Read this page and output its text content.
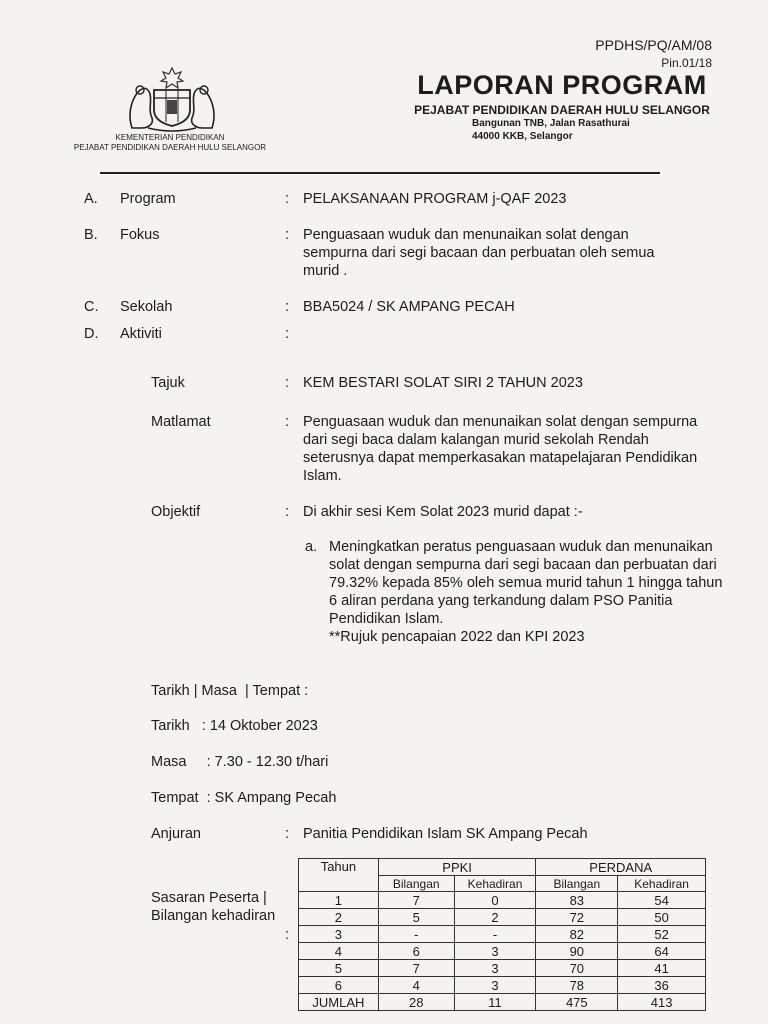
PPDHS/PQ/AM/08
Pin.01/18
KEMENTERIAN PENDIDIKAN
PEJABAT PENDIDIKAN DAERAH HULU SELANGOR
LAPORAN PROGRAM
PEJABAT PENDIDIKAN DAERAH HULU SELANGOR
Bangunan TNB, Jalan Rasathurai
44000 KKB, Selangor
A. Program	: PELAKSANAAN PROGRAM j-QAF 2023
B. Fokus	: Penguasaan wuduk dan menunaikan solat dengan sempurna dari segi bacaan dan perbuatan oleh semua murid .
C. Sekolah	: BBA5024 / SK AMPANG PECAH
D. Aktiviti	:
Tajuk	: KEM BESTARI SOLAT SIRI 2 TAHUN 2023
Matlamat	: Penguasaan wuduk dan menunaikan solat dengan sempurna dari segi baca dalam kalangan murid sekolah Rendah seterusnya dapat memperkasakan matapelajaran Pendidikan Islam.
Objektif	: Di akhir sesi Kem Solat 2023 murid dapat :-
a. Meningkatkan peratus penguasaan wuduk dan menunaikan solat dengan sempurna dari segi bacaan dan perbuatan dari 79.32% kepada 85% oleh semua murid tahun 1 hingga tahun 6 aliran perdana yang terkandung dalam PSO Panitia Pendidikan Islam.
**Rujuk pencapaian 2022 dan KPI 2023
Tarikh | Masa  | Tempat :
Tarikh   : 14 Oktober 2023
Masa     : 7.30 - 12.30 t/hari
Tempat  : SK Ampang Pecah
Anjuran	: Panitia Pendidikan Islam SK Ampang Pecah
Sasaran Peserta | Bilangan kehadiran
:
Tahun	PPKI		PERDANA	
	Bilangan	Kehadiran	Bilangan	Kehadiran
1	7	0	83	54
2	5	2	72	50
3	-	-	82	52
4	6	3	90	64
5	7	3	70	41
6	4	3	78	36
JUMLAH	28	11	475	413
